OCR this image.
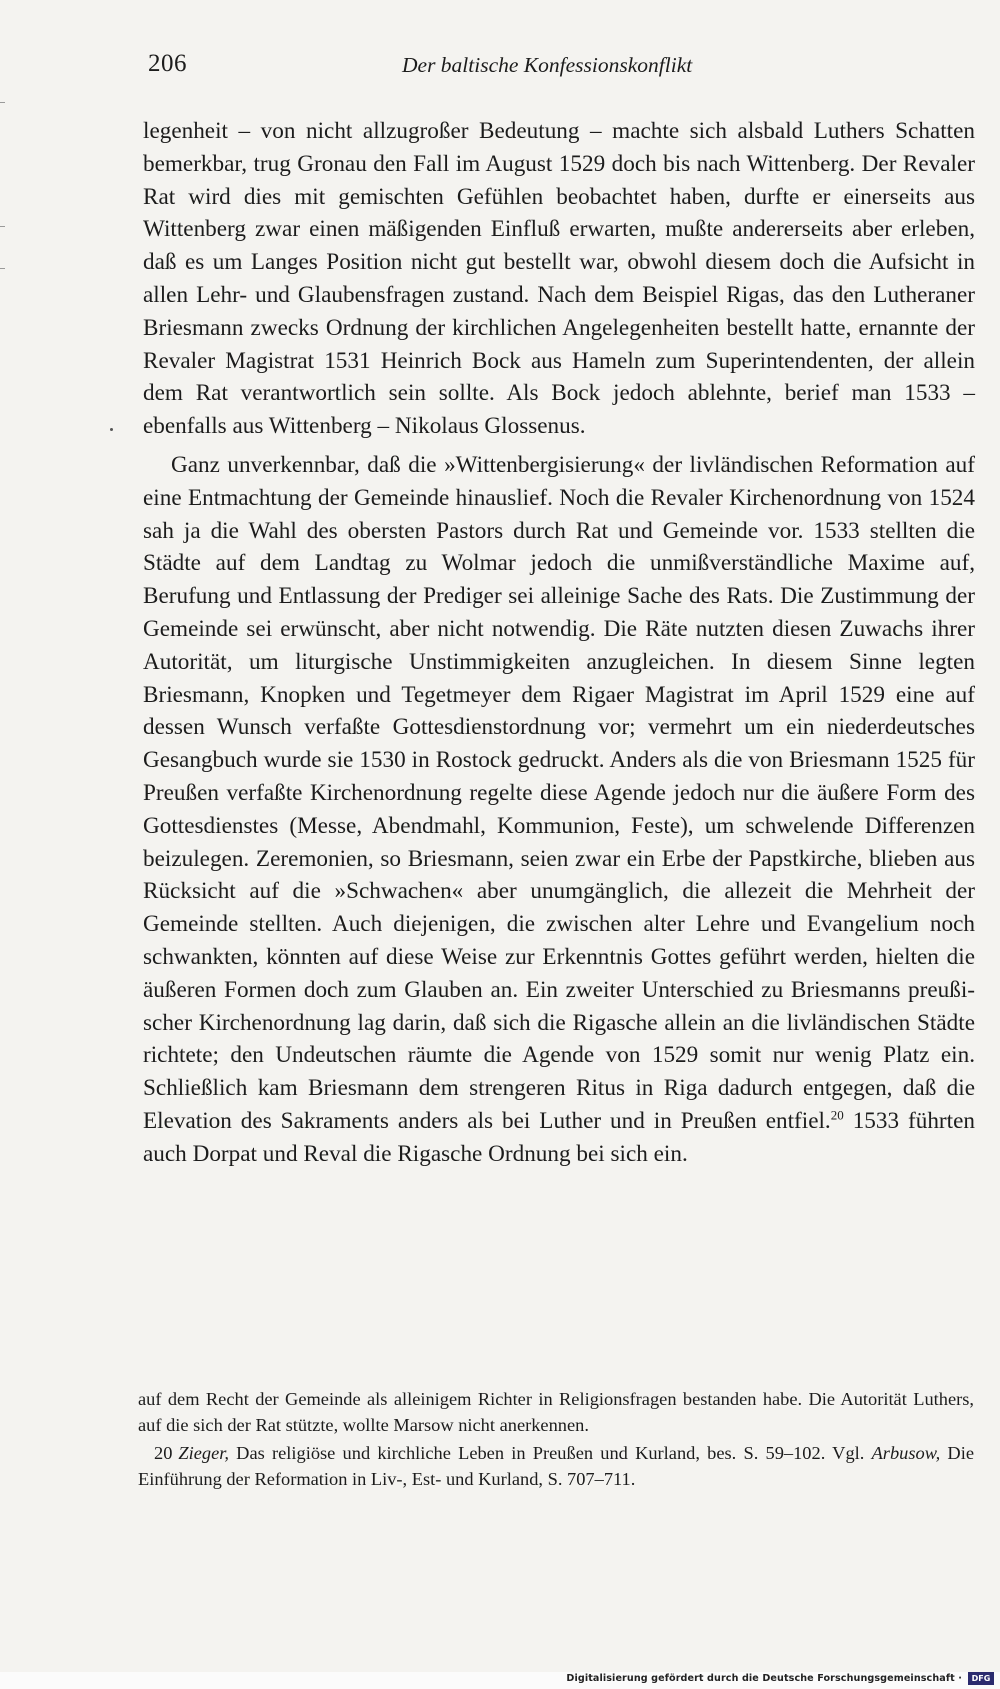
206	Der baltische Konfessionskonflikt

legenheit – von nicht allzugroßer Bedeutung – machte sich alsbald Luthers Schatten bemerkbar, trug Gronau den Fall im August 1529 doch bis nach Wittenberg. Der Revaler Rat wird dies mit gemischten Gefühlen beobachtet haben, durfte er einerseits aus Wittenberg zwar einen mäßigenden Einfluß erwarten, mußte andererseits aber erleben, daß es um Langes Position nicht gut bestellt war, obwohl diesem doch die Aufsicht in allen Lehr- und Glaubensfragen zustand. Nach dem Beispiel Rigas, das den Lutheraner Briesmann zwecks Ordnung der kirchlichen Angelegenheiten bestellt hatte, ernannte der Revaler Magistrat 1531 Heinrich Bock aus Hameln zum Superintendenten, der allein dem Rat verantwortlich sein sollte. Als Bock jedoch ablehnte, berief man 1533 – ebenfalls aus Wittenberg – Nikolaus Glossenus.

Ganz unverkennbar, daß die »Wittenbergisierung« der livländischen Reformation auf eine Entmachtung der Gemeinde hinauslief. Noch die Revaler Kirchenordnung von 1524 sah ja die Wahl des obersten Pastors durch Rat und Gemeinde vor. 1533 stellten die Städte auf dem Landtag zu Wolmar jedoch die unmißverständliche Maxime auf, Berufung und Entlassung der Prediger sei alleinige Sache des Rats. Die Zustimmung der Gemeinde sei erwünscht, aber nicht notwendig. Die Räte nutzten diesen Zuwachs ihrer Autorität, um liturgische Unstimmigkeiten anzugleichen. In diesem Sinne legten Briesmann, Knopken und Tegetmeyer dem Rigaer Magistrat im April 1529 eine auf dessen Wunsch verfaßte Gottesdienstordnung vor; vermehrt um ein niederdeutsches Gesangbuch wurde sie 1530 in Rostock gedruckt. Anders als die von Briesmann 1525 für Preußen verfaßte Kirchenordnung regelte diese Agende jedoch nur die äußere Form des Gottesdienstes (Messe, Abendmahl, Kommunion, Feste), um schwelende Differenzen beizulegen. Zeremonien, so Briesmann, seien zwar ein Erbe der Papstkirche, blieben aus Rücksicht auf die »Schwachen« aber unumgänglich, die allezeit die Mehrheit der Gemeinde stellten. Auch diejenigen, die zwischen alter Lehre und Evangelium noch schwankten, könnten auf diese Weise zur Erkenntnis Gottes geführt werden, hielten die äußeren Formen doch zum Glauben an. Ein zweiter Unterschied zu Briesmanns preußischer Kirchenordnung lag darin, daß sich die Rigasche allein an die livländischen Städte richtete; den Undeutschen räumte die Agende von 1529 somit nur wenig Platz ein. Schließlich kam Briesmann dem strengeren Ritus in Riga dadurch entgegen, daß die Elevation des Sakraments anders als bei Luther und in Preußen entfiel.$^{20}$ 1533 führten auch Dorpat und Reval die Rigasche Ordnung bei sich ein.

auf dem Recht der Gemeinde als alleinigem Richter in Religionsfragen bestanden habe. Die Autorität Luthers, auf die sich der Rat stützte, wollte Marsow nicht anerkennen.

20 Zieger, Das religiöse und kirchliche Leben in Preußen und Kurland, bes. S. 59–102. Vgl. Arbusow, Die Einführung der Reformation in Liv-, Est- und Kurland, S. 707–711.

Digitalisierung gefördert durch die Deutsche Forschungsgemeinschaft ·	DFG
